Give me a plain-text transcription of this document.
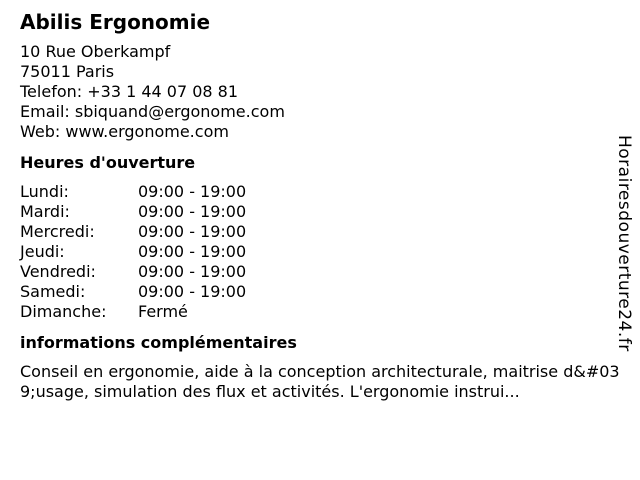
Abilis Ergonomie
10 Rue Oberkampf
75011 Paris
Telefon: +33 1 44 07 08 81
Email: sbiquand@ergonome.com
Web: www.ergonome.com
Heures d'ouverture
Lundi:	09:00 - 19:00
Mardi:	09:00 - 19:00
Mercredi:	09:00 - 19:00
Jeudi:	09:00 - 19:00
Vendredi:	09:00 - 19:00
Samedi:	09:00 - 19:00
Dimanche:	Fermé
informations complémentaires
Conseil en ergonomie, aide à la conception architecturale, maitrise d&#039;usage, simulation des flux et activités. L'ergonomie instrui...
Horairesdouverture24.fr
